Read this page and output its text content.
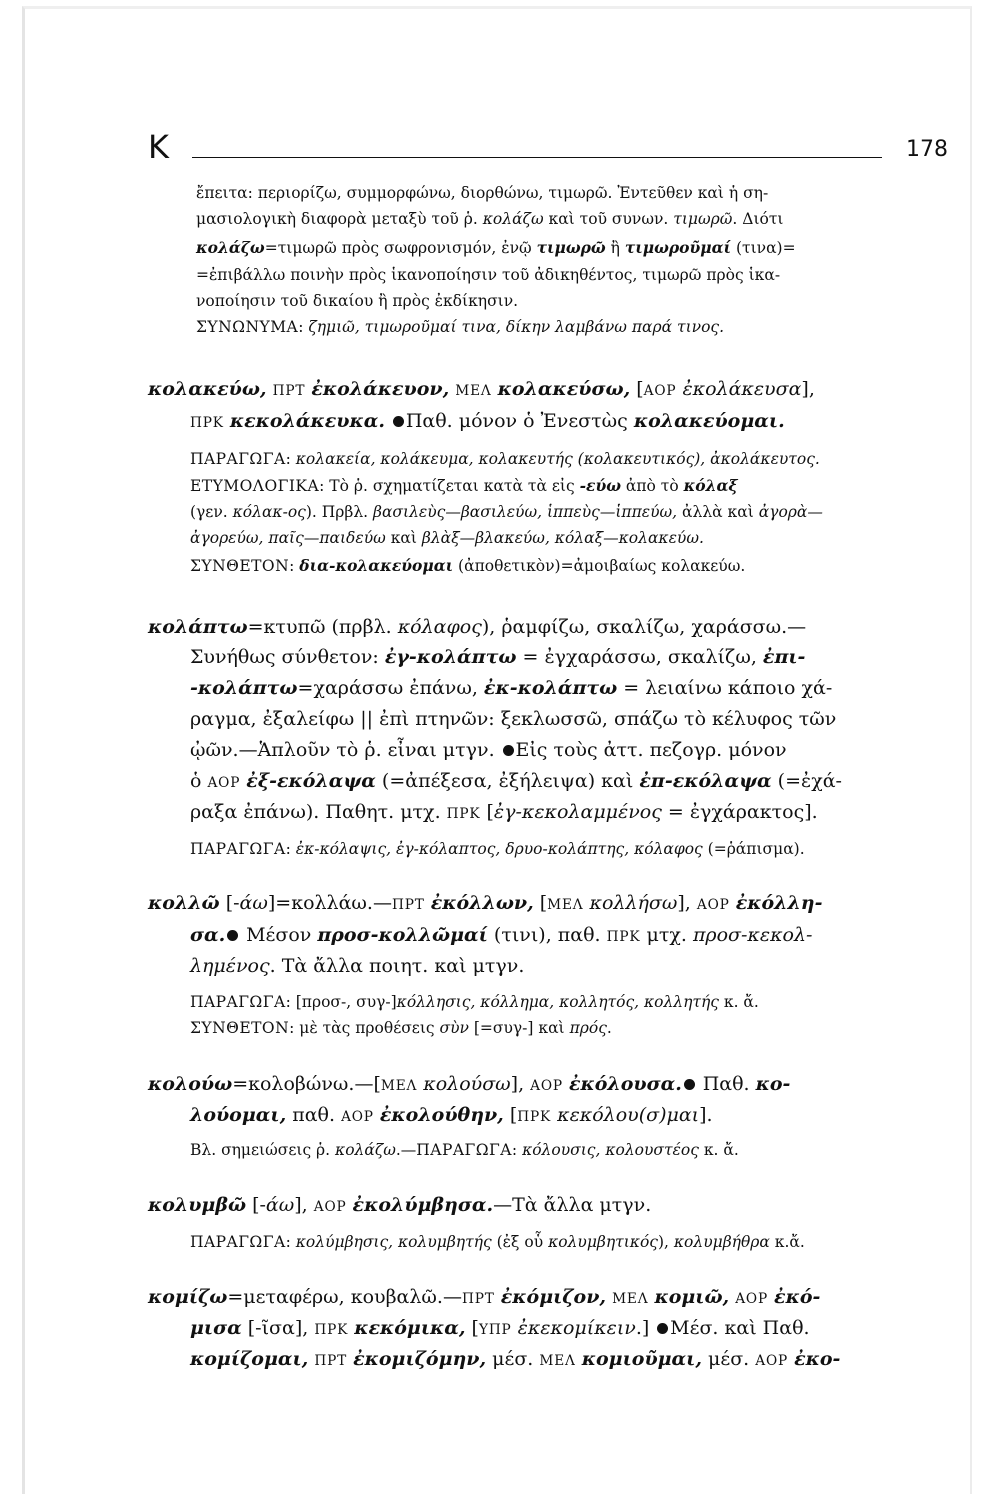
Κ	178
ἔπειτα: περιορίζω, συμμορφώνω, διορθώνω, τιμωρῶ. Ἐντεῦθεν καὶ ἡ ση-
μασιολογικὴ διαφορὰ μεταξὺ τοῦ ῥ. κολάζω καὶ τοῦ συνων. τιμωρῶ. Διότι
κολάζω=τιμωρῶ πρὸς σωφρονισμόν, ἐνῷ τιμωρῶ ἢ τιμωροῦμαί (τινα)=
=ἐπιβάλλω ποινὴν πρὸς ἱκανοποίησιν τοῦ ἀδικηθέντος, τιμωρῶ πρὸς ἱκα-
νοποίησιν τοῦ δικαίου ἢ πρὸς ἐκδίκησιν.
ΣΥΝΩΝΥΜΑ: ζημιῶ, τιμωροῦμαί τινα, δίκην λαμβάνω παρά τινος.
κολακεύω, ΠΡΤ ἐκολάκευον, ΜΕΛ κολακεύσω, [ΑΟΡ ἐκολάκευσα],
ΠΡΚ κεκολάκευκα. Παθ. μόνον ὁ Ἐνεστὼς κολακεύομαι.
ΠΑΡΑΓΩΓΑ: κολακεία, κολάκευμα, κολακευτής (κολακευτικός), ἀκολάκευτος.
ΕΤΥΜΟΛΟΓΙΚΑ: Τὸ ῥ. σχηματίζεται κατὰ τὰ εἰς -εύω ἀπὸ τὸ κόλαξ
(γεν. κόλακ-ος). Πρβλ. βασιλεὺς—βασιλεύω, ἱππεὺς—ἱππεύω, ἀλλὰ καὶ ἀγορὰ—
ἀγορεύω, παῖς—παιδεύω καὶ βλὰξ—βλακεύω, κόλαξ—κολακεύω.
ΣΥΝΘΕΤΟΝ: δια-κολακεύομαι (ἀποθετικὸν)=ἀμοιβαίως κολακεύω.
κολάπτω=κτυπῶ (πρβλ. κόλαφος), ῥαμφίζω, σκαλίζω, χαράσσω.—
Συνήθως σύνθετον: ἐγ-κολάπτω = ἐγχαράσσω, σκαλίζω, ἐπι-
-κολάπτω=χαράσσω ἐπάνω, ἐκ-κολάπτω = λειαίνω κάποιο χά-
ραγμα, ἐξαλείφω || ἐπὶ πτηνῶν: ξεκλωσσῶ, σπάζω τὸ κέλυφος τῶν
ᾠῶν.—Ἁπλοῦν τὸ ῥ. εἶναι μτγν. Εἰς τοὺς ἀττ. πεζογρ. μόνον
ὁ ΑΟΡ ἐξ-εκόλαψα (=ἀπέξεσα, ἐξήλειψα) καὶ ἐπ-εκόλαψα (=ἐχά-
ραξα ἐπάνω). Παθητ. μτχ. ΠΡΚ [ἐγ-κεκολαμμένος = ἐγχάρακτος].
ΠΑΡΑΓΩΓΑ: ἐκ-κόλαψις, ἐγ-κόλαπτος, δρυο-κολάπτης, κόλαφος (=ῥάπισμα).
κολλῶ [-άω]=κολλάω.—ΠΡΤ ἐκόλλων, [ΜΕΛ κολλήσω], ΑΟΡ ἐκόλλη-
σα. Μέσον προσ-κολλῶμαί (τινι), παθ. ΠΡΚ μτχ. προσ-κεκολ-
λημένος. Τὰ ἄλλα ποιητ. καὶ μτγν.
ΠΑΡΑΓΩΓΑ: [προσ-, συγ-]κόλλησις, κόλλημα, κολλητός, κολλητής κ. ἄ.
ΣΥΝΘΕΤΟΝ: μὲ τὰς προθέσεις σὺν [=συγ-] καὶ πρός.
κολούω=κολοβώνω.—[ΜΕΛ κολούσω], ΑΟΡ ἐκόλουσα. Παθ. κο-
λούομαι, παθ. ΑΟΡ ἐκολούθην, [ΠΡΚ κεκόλου(σ)μαι].
Βλ. σημειώσεις ῥ. κολάζω.—ΠΑΡΑΓΩΓΑ: κόλουσις, κολουστέος κ. ἄ.
κολυμβῶ [-άω], ΑΟΡ ἐκολύμβησα.—Τὰ ἄλλα μτγν.
ΠΑΡΑΓΩΓΑ: κολύμβησις, κολυμβητής (ἐξ οὗ κολυμβητικός), κολυμβήθρα κ.ἄ.
κομίζω=μεταφέρω, κουβαλῶ.—ΠΡΤ ἐκόμιζον, ΜΕΛ κομιῶ, ΑΟΡ ἐκό-
μισα [-ῖσα], ΠΡΚ κεκόμικα, [ΥΠΡ ἐκεκομίκειν.] Μέσ. καὶ Παθ.
κομίζομαι, ΠΡΤ ἐκομιζόμην, μέσ. ΜΕΛ κομιοῦμαι, μέσ. ΑΟΡ ἐκο-
